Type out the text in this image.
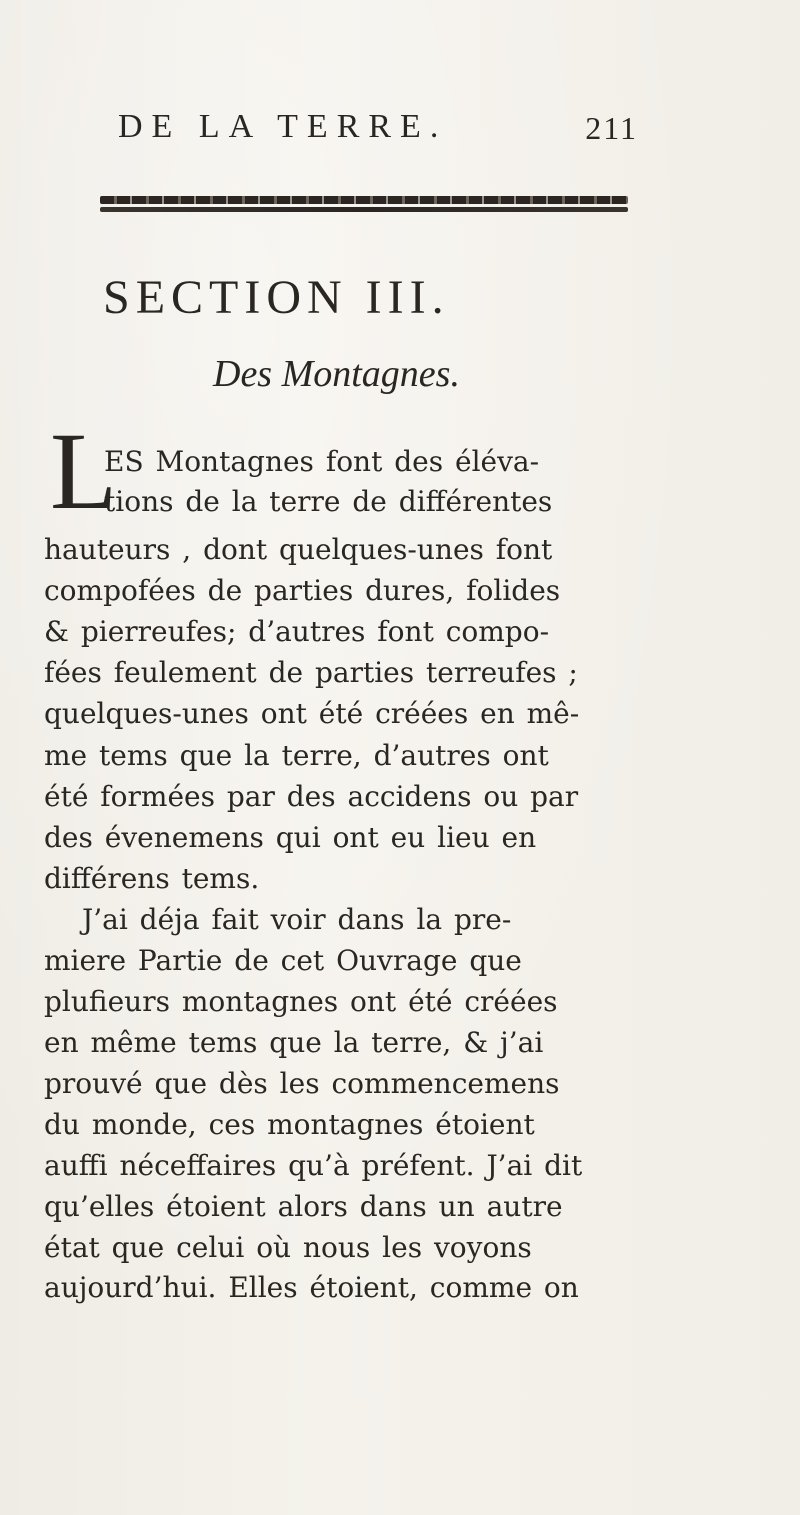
DE LA TERRE.	211
SECTION III.
Des Montagnes.
L
ES Montagnes font des éléva-
tions de la terre de différentes
hauteurs , dont quelques-unes font
compofées de parties dures, folides
& pierreufes; d’autres font compo-
fées feulement de parties terreufes ;
quelques-unes ont été créées en mê-
me tems que la terre, d’autres ont
été formées par des accidens ou par
des évenemens qui ont eu lieu en
différens tems.
J’ai déja fait voir dans la pre-
miere Partie de cet Ouvrage que
plufieurs montagnes ont été créées
en même tems que la terre, & j’ai
prouvé que dès les commencemens
du monde, ces montagnes étoient
auffi néceffaires qu’à préfent. J’ai dit
qu’elles étoient alors dans un autre
état que celui où nous les voyons
aujourd’hui. Elles étoient, comme on
